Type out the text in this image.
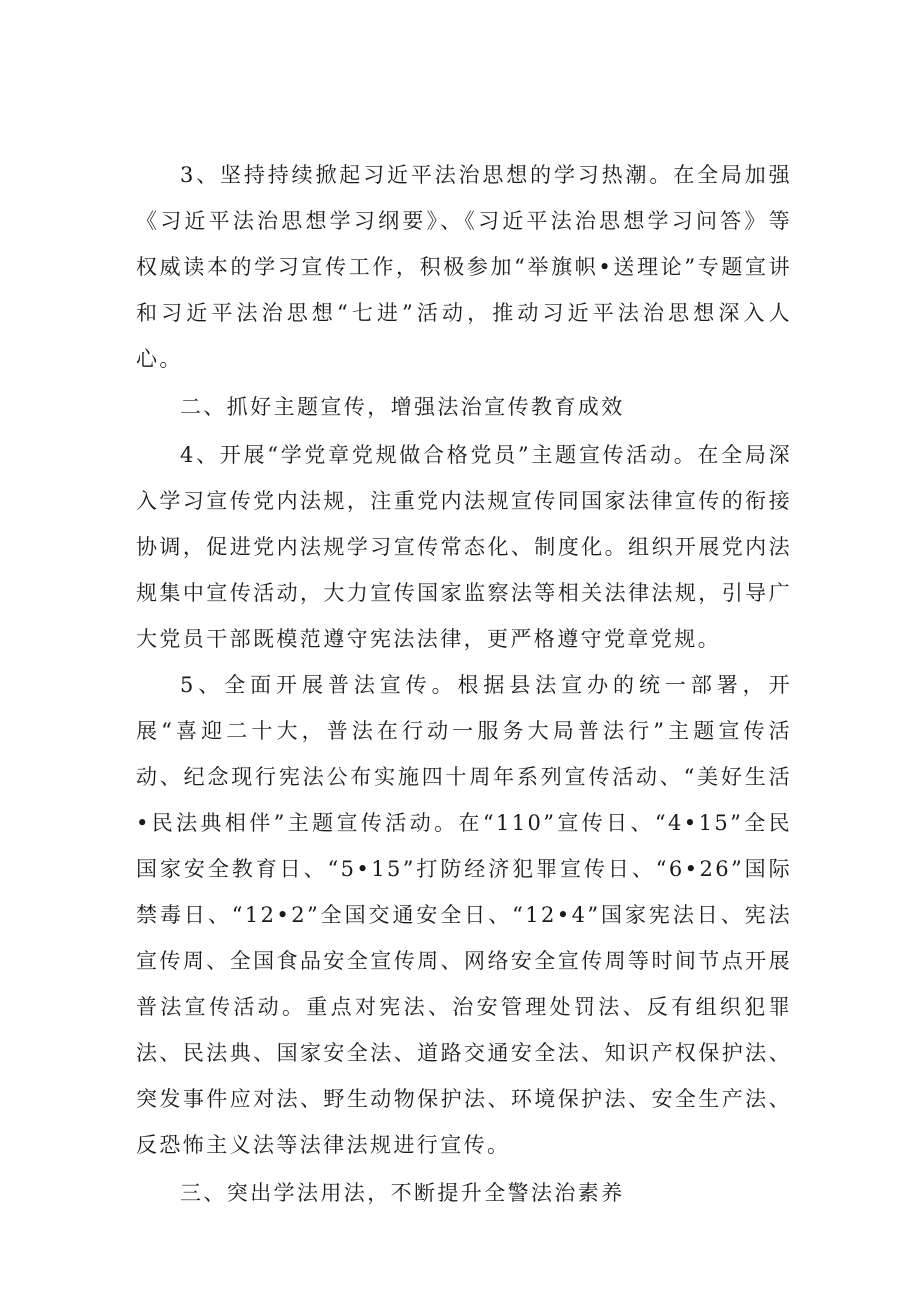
3、坚持持续掀起习近平法治思想的学习热潮。在全局加强《习近平法治思想学习纲要》、《习近平法治思想学习问答》等权威读本的学习宣传工作，积极参加“举旗帜•送理论”专题宣讲和习近平法治思想“七进”活动，推动习近平法治思想深入人心。

二、抓好主题宣传，增强法治宣传教育成效

4、开展“学党章党规做合格党员”主题宣传活动。在全局深入学习宣传党内法规，注重党内法规宣传同国家法律宣传的衔接协调，促进党内法规学习宣传常态化、制度化。组织开展党内法规集中宣传活动，大力宣传国家监察法等相关法律法规，引导广大党员干部既模范遵守宪法法律，更严格遵守党章党规。

5、全面开展普法宣传。根据县法宣办的统一部署，开展“喜迎二十大，普法在行动一服务大局普法行”主题宣传活动、纪念现行宪法公布实施四十周年系列宣传活动、“美好生活•民法典相伴”主题宣传活动。在“110”宣传日、“4•15”全民国家安全教育日、“5•15”打防经济犯罪宣传日、“6•26”国际禁毒日、“12•2”全国交通安全日、“12•4”国家宪法日、宪法宣传周、全国食品安全宣传周、网络安全宣传周等时间节点开展普法宣传活动。重点对宪法、治安管理处罚法、反有组织犯罪法、民法典、国家安全法、道路交通安全法、知识产权保护法、突发事件应对法、野生动物保护法、环境保护法、安全生产法、反恐怖主义法等法律法规进行宣传。

三、突出学法用法，不断提升全警法治素养
